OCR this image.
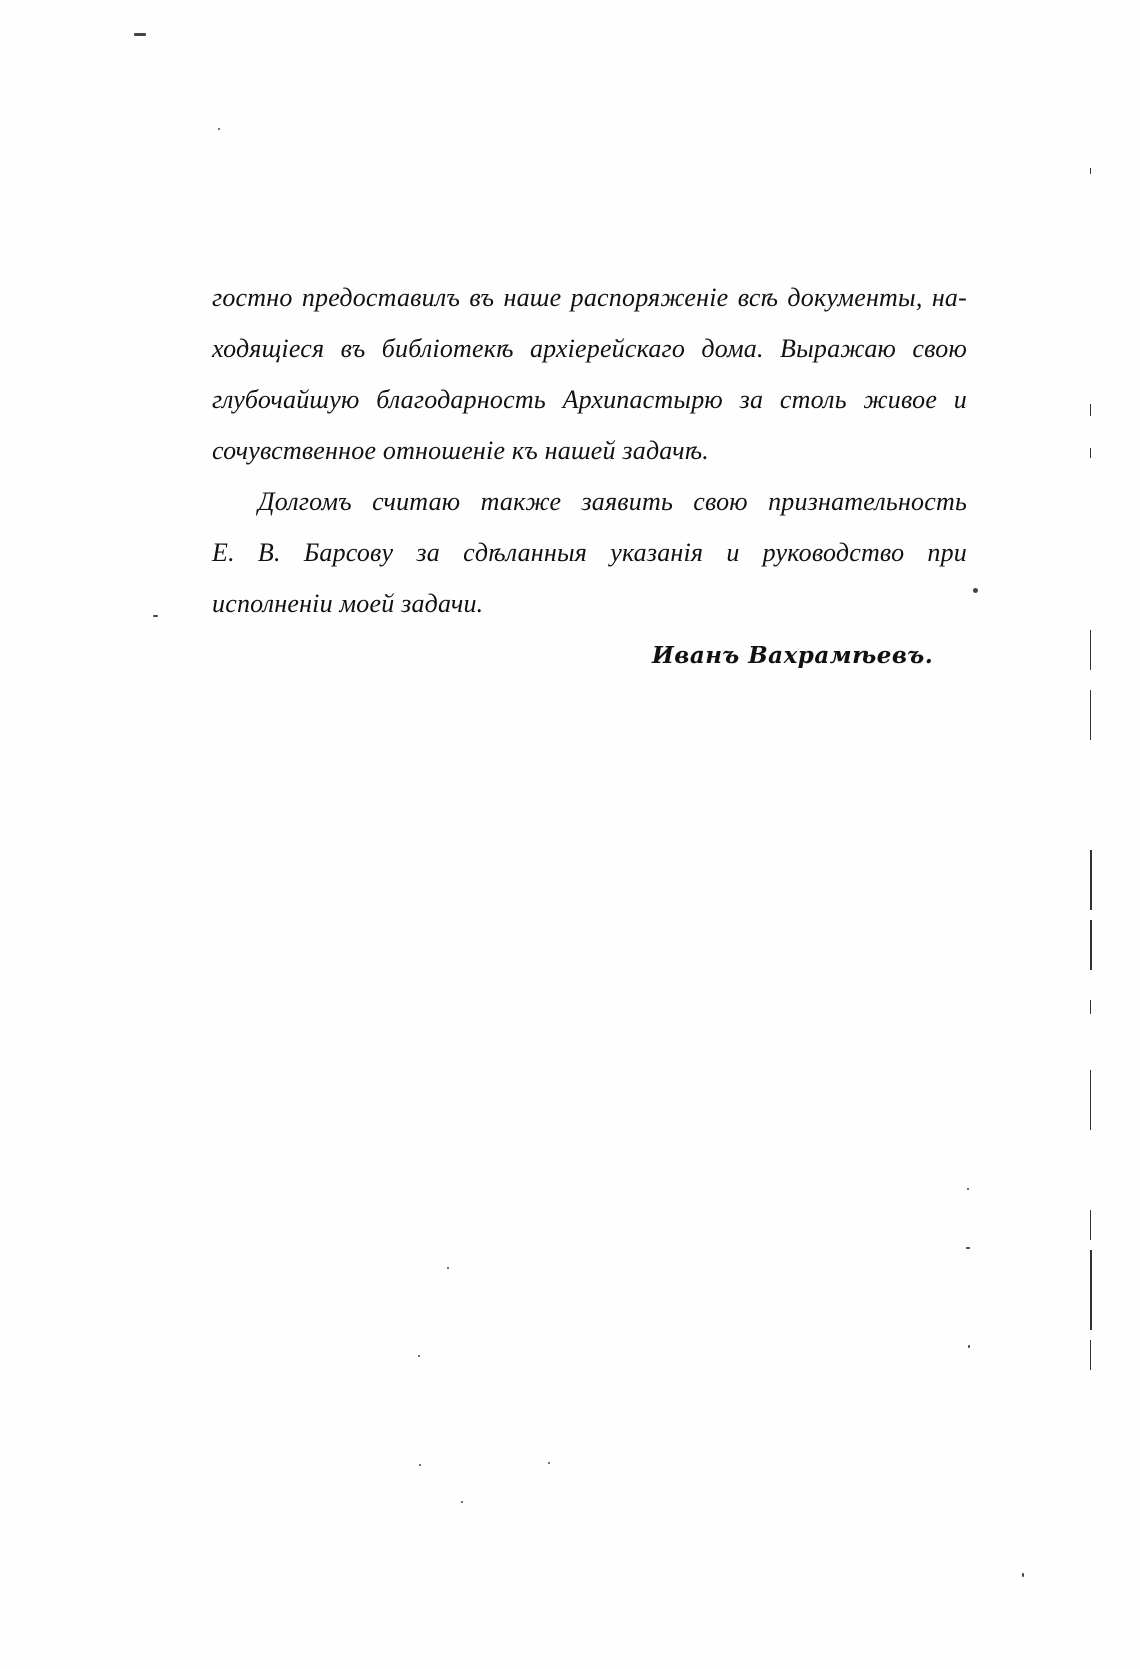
гостно предоставилъ въ наше распоряженіе всѣ документы, на-
ходящіеся въ библіотекѣ архіерейскаго дома. Выражаю свою
глубочайшую благодарность Архипастырю за столь живое и
сочувственное отношеніе къ нашей задачѣ.
Долгомъ считаю также заявить свою признательность
Е. В. Барсову за сдѣланныя указанія и руководство при
исполненіи моей задачи.
Иванъ Вахрамѣевъ.
